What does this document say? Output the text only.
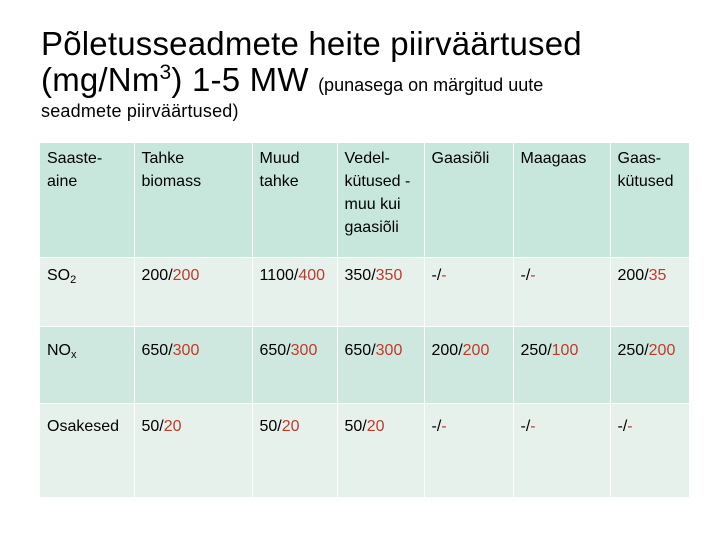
Põletusseadmete heite piirväärtused
(mg/Nm$^3$) 1-5 MW (punasega on märgitud uute
seadmete piirväärtused)
Saaste-aine	Tahke biomass	Muud tahke	Vedel-kütused - muu kui gaasiõli	Gaasiõli	Maagaas	Gaas-kütused
$SO_2$	200/200	1100/400	350/350	-/-	-/-	200/35
$NO_x$	650/300	650/300	650/300	200/200	250/100	250/200
Osakesed	50/20	50/20	50/20	-/-	-/-	-/-
